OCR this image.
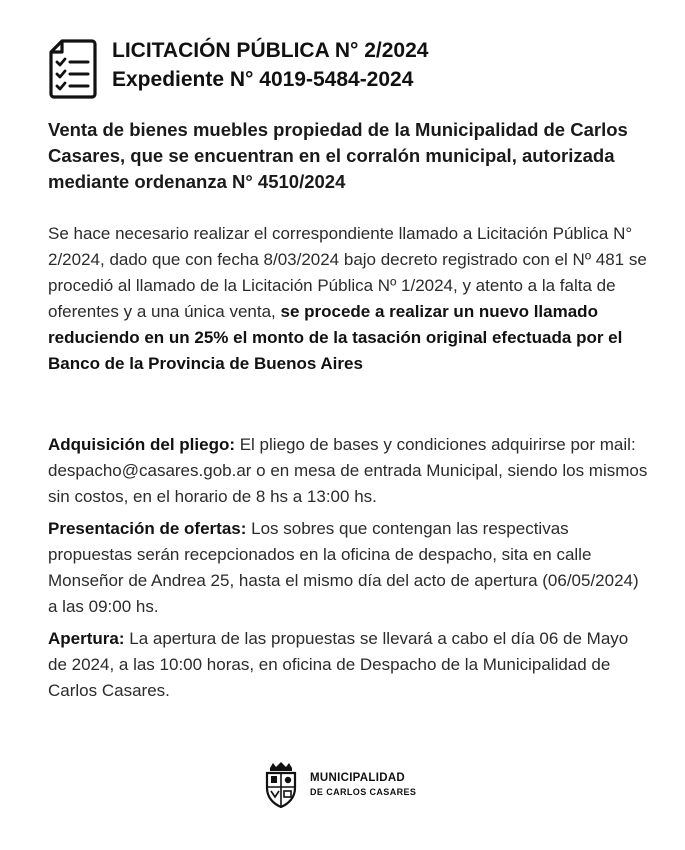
LICITACIÓN PÚBLICA N° 2/2024
Expediente N° 4019-5484-2024
Venta de bienes muebles propiedad de la Municipalidad de Carlos Casares, que se encuentran en el corralón municipal, autorizada mediante ordenanza N° 4510/2024
Se hace necesario realizar el correspondiente llamado a Licitación Pública N° 2/2024, dado que con fecha 8/03/2024 bajo decreto registrado con el Nº 481 se procedió al llamado de la Licitación Pública Nº 1/2024, y atento a la falta de oferentes y a una única venta, se procede a realizar un nuevo llamado reduciendo en un 25% el monto de la tasación original efectuada por el Banco de la Provincia de Buenos Aires

Adquisición del pliego: El pliego de bases y condiciones adquirirse por mail: despacho@casares.gob.ar o en mesa de entrada Municipal, siendo los mismos sin costos, en el horario de 8 hs a 13:00 hs.

Presentación de ofertas: Los sobres que contengan las respectivas propuestas serán recepcionados en la oficina de despacho, sita en calle Monseñor de Andrea 25, hasta el mismo día del acto de apertura (06/05/2024) a las 09:00 hs.

Apertura: La apertura de las propuestas se llevará a cabo el día 06 de Mayo de 2024, a las 10:00 horas, en oficina de Despacho de la Municipalidad de Carlos Casares.

MUNICIPALIDAD
DE CARLOS CASARES
